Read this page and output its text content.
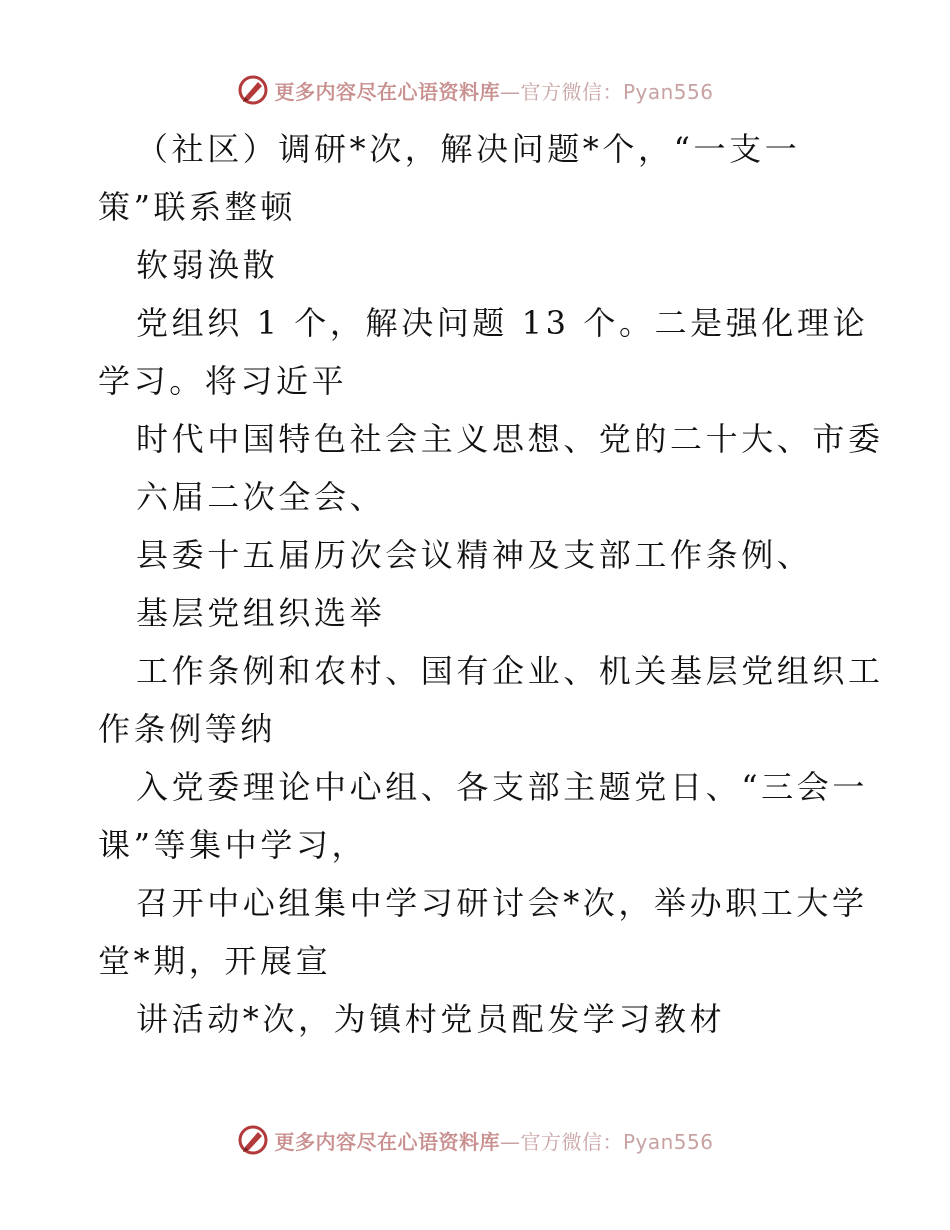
更多内容尽在心语资料库—官方微信：Pyan556
（社区）调研*次，解决问题*个，“一支一
策”联系整顿
软弱涣散
党组织 1 个，解决问题 13 个。二是强化理论
学习。将习近平
时代中国特色社会主义思想、党的二十大、市委
六届二次全会、
县委十五届历次会议精神及支部工作条例、
基层党组织选举
工作条例和农村、国有企业、机关基层党组织工
作条例等纳
入党委理论中心组、各支部主题党日、“三会一
课”等集中学习，
召开中心组集中学习研讨会*次，举办职工大学
堂*期，开展宣
讲活动*次，为镇村党员配发学习教材
更多内容尽在心语资料库—官方微信：Pyan556
